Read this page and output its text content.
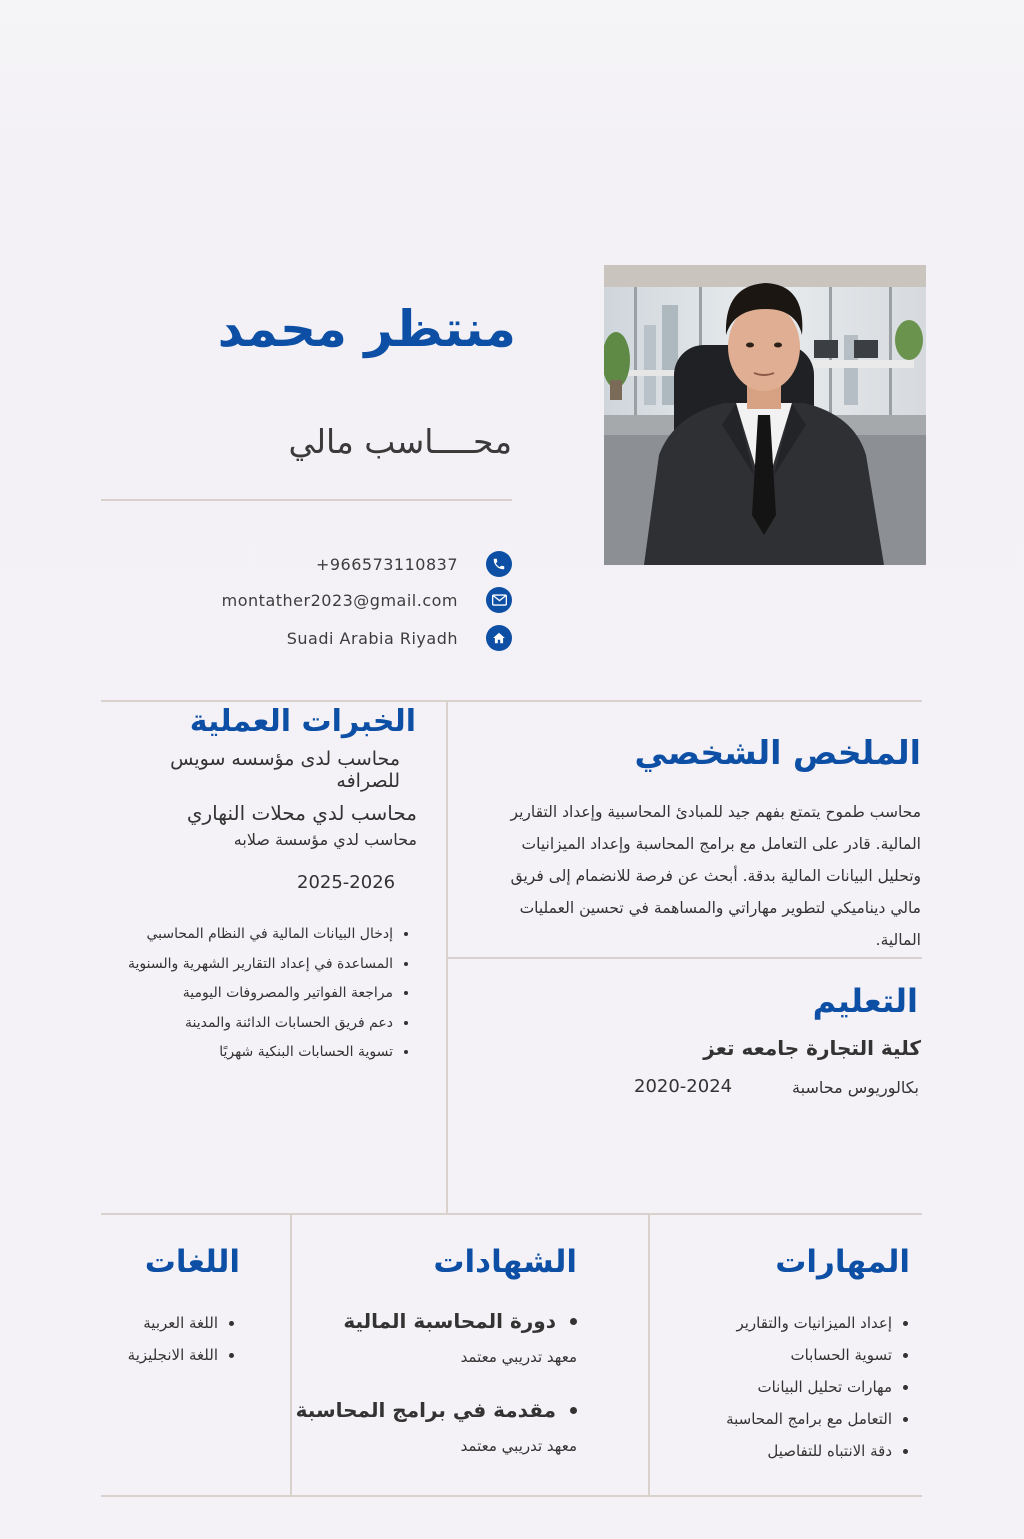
منتظر محمد
محــــاسب مالي
+966573110837
montather2023@gmail.com
Suadi Arabia Riyadh
الملخص الشخصي
محاسب طموح يتمتع بفهم جيد للمبادئ المحاسبية وإعداد التقارير المالية. قادر على التعامل مع برامج المحاسبة وإعداد الميزانيات وتحليل البيانات المالية بدقة. أبحث عن فرصة للانضمام إلى فريق مالي ديناميكي لتطوير مهاراتي والمساهمة في تحسين العمليات المالية.
التعليم
كلية التجارة جامعه تعز
بكالوريوس محاسبة
2020-2024
الخبرات العملية
محاسب لدى مؤسسه سويس للصرافه
محاسب لدي محلات النهاري
محاسب لدي مؤسسة صلابه
2025-2026
• إدخال البيانات المالية في النظام المحاسبي
• المساعدة في إعداد التقارير الشهرية والسنوية
• مراجعة الفواتير والمصروفات اليومية
• دعم فريق الحسابات الدائنة والمدينة
• تسوية الحسابات البنكية شهريًا
المهارات
• إعداد الميزانيات والتقارير
• تسوية الحسابات
• مهارات تحليل البيانات
• التعامل مع برامج المحاسبة
• دقة الانتباه للتفاصيل
الشهادات
دورة المحاسبة المالية
معهد تدريبي معتمد
مقدمة في برامج المحاسبة
معهد تدريبي معتمد
اللغات
• اللغة العربية
• اللغة الانجليزية
